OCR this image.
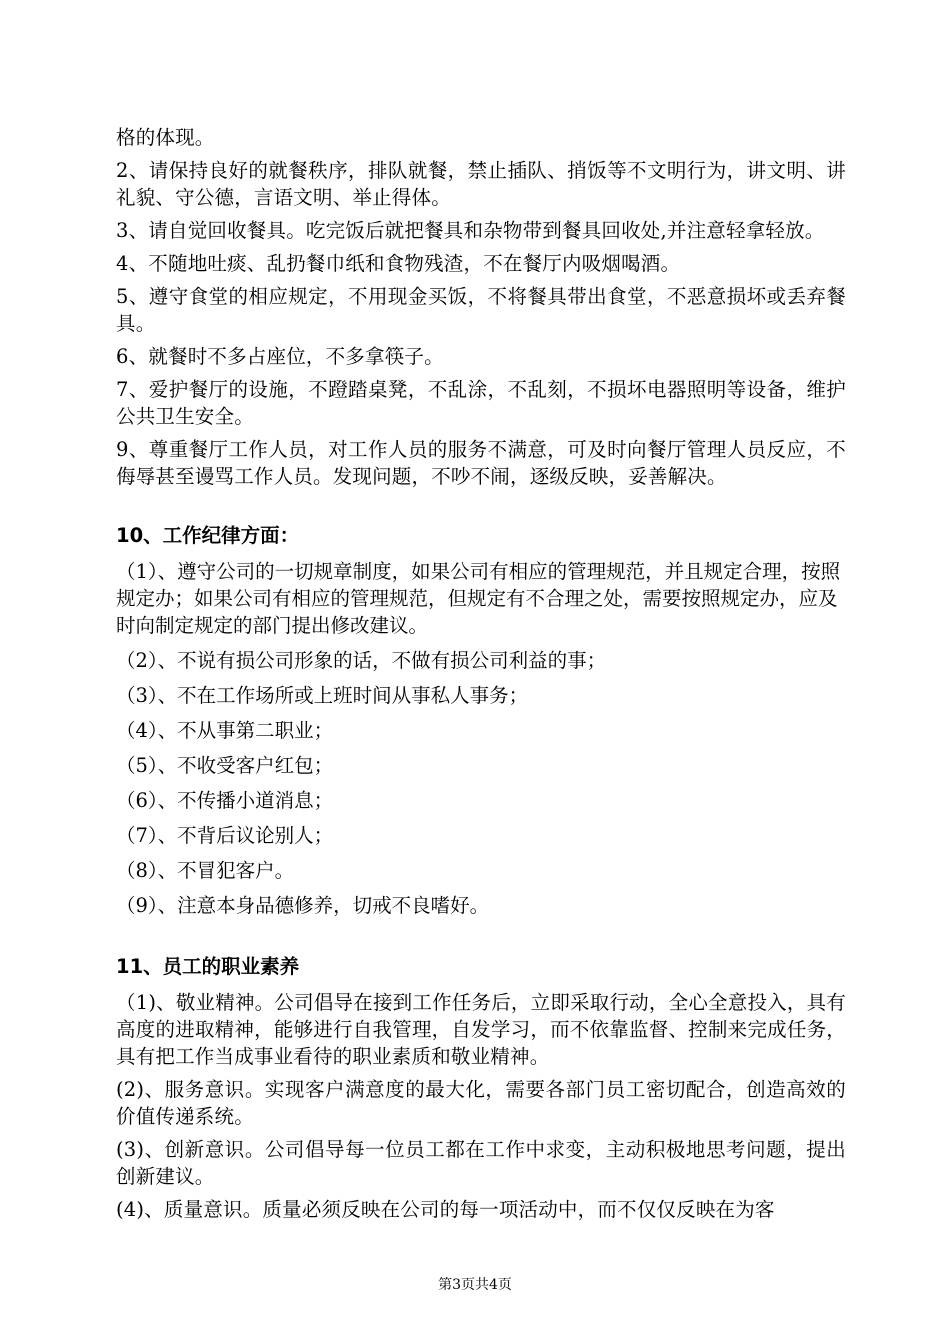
格的体现。

2、请保持良好的就餐秩序，排队就餐，禁止插队、捎饭等不文明行为，讲文明、讲礼貌、守公德，言语文明、举止得体。

3、请自觉回收餐具。吃完饭后就把餐具和杂物带到餐具回收处,并注意轻拿轻放。

4、不随地吐痰、乱扔餐巾纸和食物残渣，不在餐厅内吸烟喝酒。

5、遵守食堂的相应规定，不用现金买饭，不将餐具带出食堂，不恶意损坏或丢弃餐具。

6、就餐时不多占座位，不多拿筷子。

7、爱护餐厅的设施，不蹬踏桌凳，不乱涂，不乱刻，不损坏电器照明等设备，维护公共卫生安全。

9、尊重餐厅工作人员，对工作人员的服务不满意，可及时向餐厅管理人员反应，不侮辱甚至谩骂工作人员。发现问题，不吵不闹，逐级反映，妥善解决。

10、工作纪律方面：

（1）、遵守公司的一切规章制度，如果公司有相应的管理规范，并且规定合理，按照规定办；如果公司有相应的管理规范，但规定有不合理之处，需要按照规定办，应及时向制定规定的部门提出修改建议。

（2）、不说有损公司形象的话，不做有损公司利益的事；

（3）、不在工作场所或上班时间从事私人事务；

（4）、不从事第二职业；

（5）、不收受客户红包；

（6）、不传播小道消息；

（7）、不背后议论别人；

（8）、不冒犯客户。

（9）、注意本身品德修养，切戒不良嗜好。

11、员工的职业素养

（1)、敬业精神。公司倡导在接到工作任务后，立即采取行动，全心全意投入，具有高度的进取精神，能够进行自我管理，自发学习，而不依靠监督、控制来完成任务，具有把工作当成事业看待的职业素质和敬业精神。

(2)、服务意识。实现客户满意度的最大化，需要各部门员工密切配合，创造高效的价值传递系统。

(3)、创新意识。公司倡导每一位员工都在工作中求变，主动积极地思考问题，提出创新建议。

(4)、质量意识。质量必须反映在公司的每一项活动中，而不仅仅反映在为客

第3页共4页
